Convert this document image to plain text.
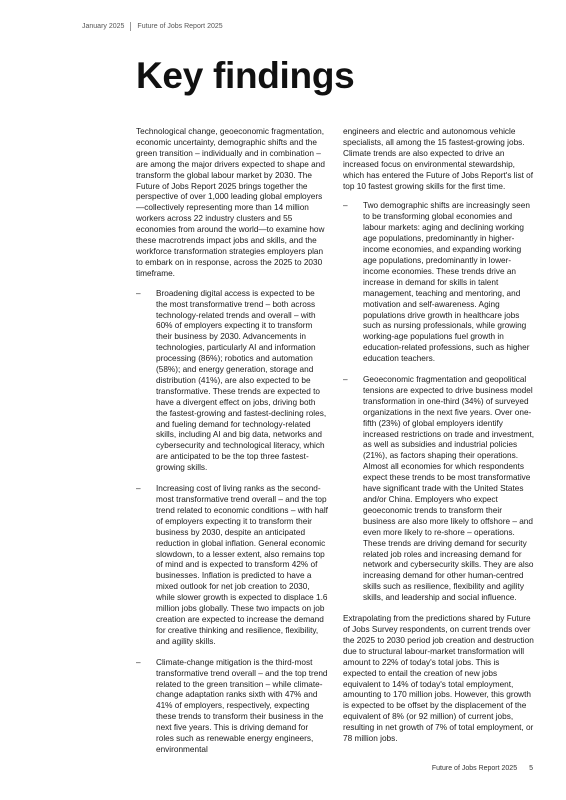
January 2025 Future of Jobs Report 2025
Key findings

Technological change, geoeconomic fragmentation, economic uncertainty, demographic shifts and the green transition – individually and in combination – are among the major drivers expected to shape and transform the global labour market by 2030. The Future of Jobs Report 2025 brings together the perspective of over 1,000 leading global employers—collectively representing more than 14 million workers across 22 industry clusters and 55 economies from around the world—to examine how these macrotrends impact jobs and skills, and the workforce transformation strategies employers plan to embark on in response, across the 2025 to 2030 timeframe.

– Broadening digital access is expected to be the most transformative trend – both across technology-related trends and overall – with 60% of employers expecting it to transform their business by 2030. Advancements in technologies, particularly AI and information processing (86%); robotics and automation (58%); and energy generation, storage and distribution (41%), are also expected to be transformative. These trends are expected to have a divergent effect on jobs, driving both the fastest-growing and fastest-declining roles, and fueling demand for technology-related skills, including AI and big data, networks and cybersecurity and technological literacy, which are anticipated to be the top three fastest-growing skills.
– Increasing cost of living ranks as the second-most transformative trend overall – and the top trend related to economic conditions – with half of employers expecting it to transform their business by 2030, despite an anticipated reduction in global inflation. General economic slowdown, to a lesser extent, also remains top of mind and is expected to transform 42% of businesses. Inflation is predicted to have a mixed outlook for net job creation to 2030, while slower growth is expected to displace 1.6 million jobs globally. These two impacts on job creation are expected to increase the demand for creative thinking and resilience, flexibility, and agility skills.
– Climate-change mitigation is the third-most transformative trend overall – and the top trend related to the green transition – while climate-change adaptation ranks sixth with 47% and 41% of employers, respectively, expecting these trends to transform their business in the next five years. This is driving demand for roles such as renewable energy engineers, environmental

engineers and electric and autonomous vehicle specialists, all among the 15 fastest-growing jobs. Climate trends are also expected to drive an increased focus on environmental stewardship, which has entered the Future of Jobs Report's list of top 10 fastest growing skills for the first time.

– Two demographic shifts are increasingly seen to be transforming global economies and labour markets: aging and declining working age populations, predominantly in higher-income economies, and expanding working age populations, predominantly in lower-income economies. These trends drive an increase in demand for skills in talent management, teaching and mentoring, and motivation and self-awareness. Aging populations drive growth in healthcare jobs such as nursing professionals, while growing working-age populations fuel growth in education-related professions, such as higher education teachers.
– Geoeconomic fragmentation and geopolitical tensions are expected to drive business model transformation in one-third (34%) of surveyed organizations in the next five years. Over one-fifth (23%) of global employers identify increased restrictions on trade and investment, as well as subsidies and industrial policies (21%), as factors shaping their operations. Almost all economies for which respondents expect these trends to be most transformative have significant trade with the United States and/or China. Employers who expect geoeconomic trends to transform their business are also more likely to offshore – and even more likely to re-shore – operations. These trends are driving demand for security related job roles and increasing demand for network and cybersecurity skills. They are also increasing demand for other human-centred skills such as resilience, flexibility and agility skills, and leadership and social influence.

Extrapolating from the predictions shared by Future of Jobs Survey respondents, on current trends over the 2025 to 2030 period job creation and destruction due to structural labour-market transformation will amount to 22% of today's total jobs. This is expected to entail the creation of new jobs equivalent to 14% of today's total employment, amounting to 170 million jobs. However, this growth is expected to be offset by the displacement of the equivalent of 8% (or 92 million) of current jobs, resulting in net growth of 7% of total employment, or 78 million jobs.

Future of Jobs Report 2025 5
